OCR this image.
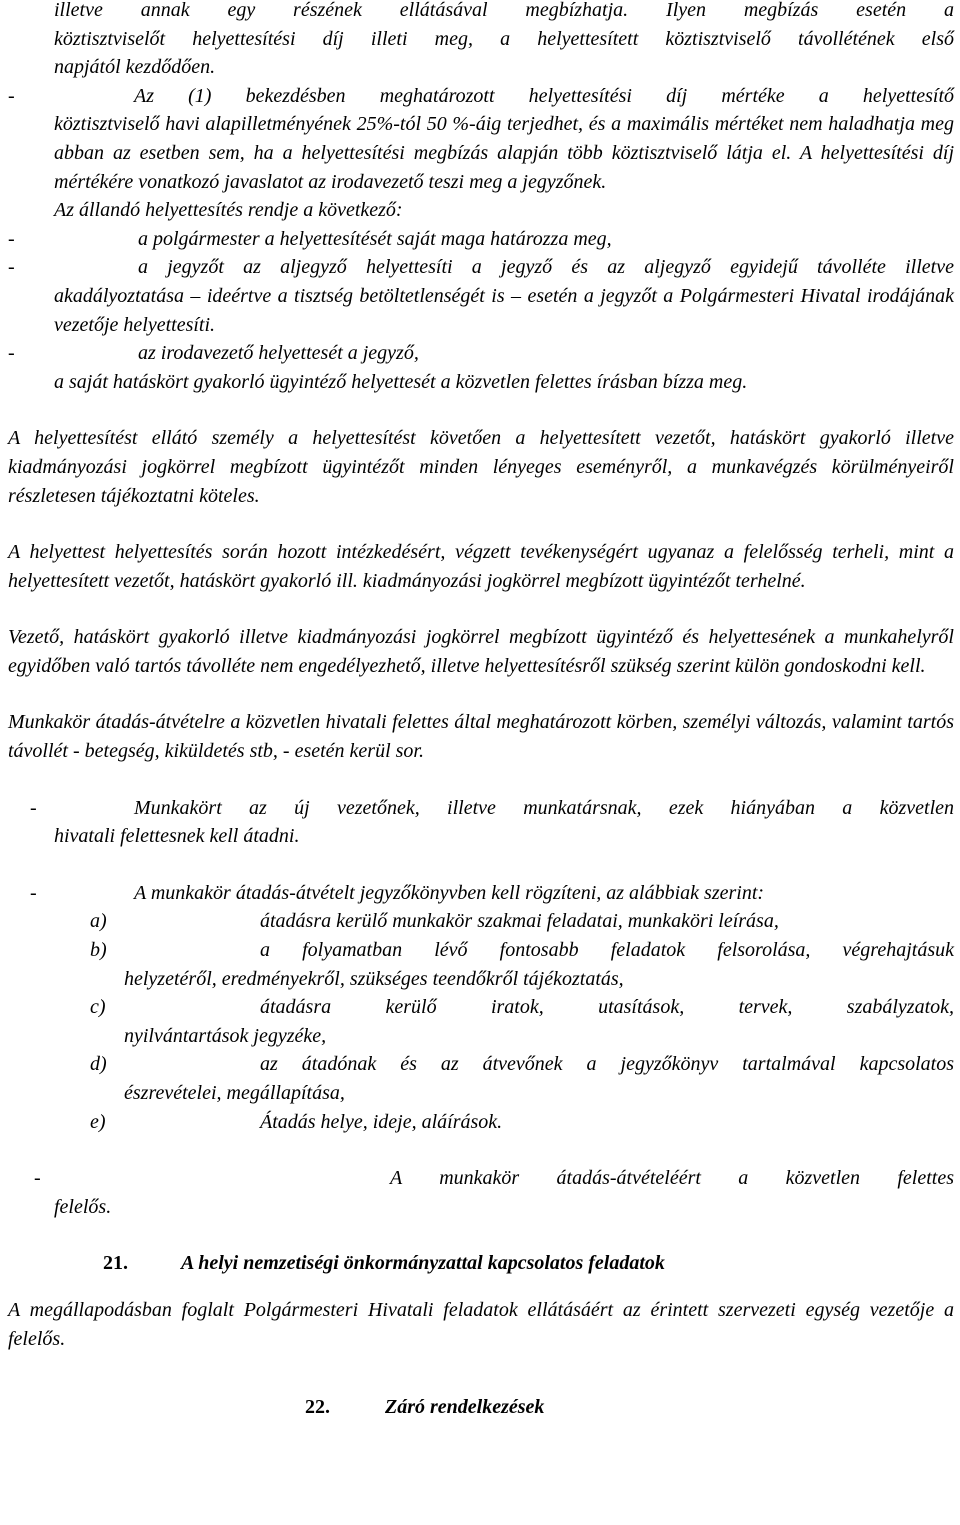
illetve annak egy részének ellátásával megbízhatja. Ilyen megbízás esetén a

köztisztviselőt helyettesítési díj illeti meg, a helyettesített köztisztviselő távollétének első

napjától kezdődően.

-	Az (1) bekezdésben meghatározott helyettesítési díj mértéke a helyettesítő

köztisztviselő havi alapilletményének 25%-tól 50 %-áig terjedhet, és a maximális mértéket nem haladhatja meg abban az esetben sem, ha a helyettesítési megbízás alapján több köztisztviselő látja el. A helyettesítési díj mértékére vonatkozó javaslatot az irodavezető teszi meg a jegyzőnek.

Az állandó helyettesítés rendje a következő:

-	a polgármester a helyettesítését saját maga határozza meg,
-	a jegyzőt az aljegyző helyettesíti a jegyző és az aljegyző egyidejű távolléte illetve

akadályoztatása – ideértve a tisztség betöltetlenségét is – esetén a jegyzőt a Polgármesteri Hivatal irodájának vezetője helyettesíti.

-	az irodavezető helyettesét a jegyző,

a saját hatáskört gyakorló ügyintéző helyettesét a közvetlen felettes írásban bízza meg.

A helyettesítést ellátó személy a helyettesítést követően a helyettesített vezetőt, hatáskört gyakorló illetve kiadmányozási jogkörrel megbízott ügyintézőt minden lényeges eseményről, a munkavégzés körülményeiről részletesen tájékoztatni köteles.

A helyettest helyettesítés során hozott intézkedésért, végzett tevékenységért ugyanaz a felelősség terheli, mint a helyettesített vezetőt, hatáskört gyakorló ill. kiadmányozási jogkörrel megbízott ügyintézőt terhelné.

Vezető, hatáskört gyakorló illetve kiadmányozási jogkörrel megbízott ügyintéző és helyettesének a munkahelyről egyidőben való tartós távolléte nem engedélyezhető, illetve helyettesítésről szükség szerint külön gondoskodni kell.

Munkakör átadás-átvételre a közvetlen hivatali felettes által meghatározott körben, személyi változás, valamint tartós távollét - betegség, kiküldetés stb, - esetén kerül sor.

-	Munkakört az új vezetőnek, illetve munkatársnak, ezek hiányában a közvetlen

hivatali felettesnek kell átadni.

-	A munkakör átadás-átvételt jegyzőkönyvben kell rögzíteni, az alábbiak szerint:
a)	átadásra kerülő munkakör szakmai feladatai, munkaköri leírása,

b)	a folyamatban lévő fontosabb feladatok felsorolása, végrehajtásuk

helyzetéről, eredményekről, szükséges teendőkről tájékoztatás,

c)	átadásra kerülő iratok, utasítások, tervek, szabályzatok,

nyilvántartások jegyzéke,

d)	az átadónak és az átvevőnek a jegyzőkönyv tartalmával kapcsolatos

észrevételei, megállapítása,

e)	Átadás helye, ideje, aláírások.

-	A munkakör átadás-átvételéért a közvetlen felettes

felelős.

21.	A helyi nemzetiségi önkormányzattal kapcsolatos feladatok

A megállapodásban foglalt Polgármesteri Hivatali feladatok ellátásáért az érintett szervezeti egység vezetője a felelős.

22.	Záró rendelkezések
